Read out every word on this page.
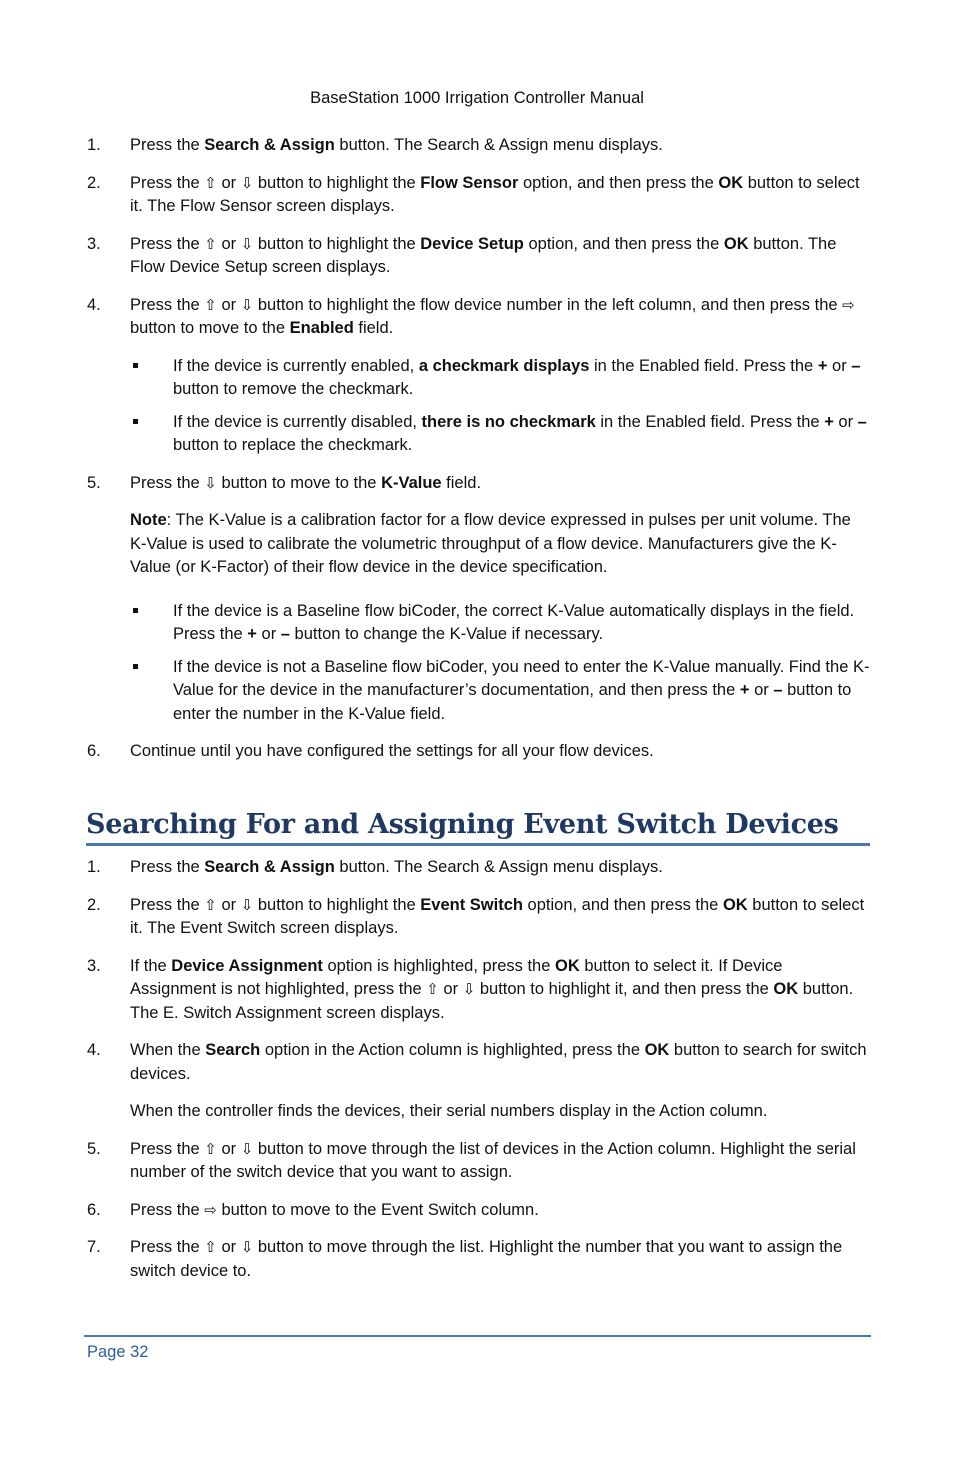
BaseStation 1000 Irrigation Controller Manual
1. Press the Search & Assign button. The Search & Assign menu displays.
2. Press the ⇧ or ⇩ button to highlight the Flow Sensor option, and then press the OK button to select it. The Flow Sensor screen displays.
3. Press the ⇧ or ⇩ button to highlight the Device Setup option, and then press the OK button. The Flow Device Setup screen displays.
4. Press the ⇧ or ⇩ button to highlight the flow device number in the left column, and then press the ⇨ button to move to the Enabled field.
If the device is currently enabled, a checkmark displays in the Enabled field. Press the + or – button to remove the checkmark.
If the device is currently disabled, there is no checkmark in the Enabled field. Press the + or – button to replace the checkmark.
5. Press the ⇩ button to move to the K-Value field.
Note: The K-Value is a calibration factor for a flow device expressed in pulses per unit volume. The K-Value is used to calibrate the volumetric throughput of a flow device. Manufacturers give the K-Value (or K-Factor) of their flow device in the device specification.
If the device is a Baseline flow biCoder, the correct K-Value automatically displays in the field. Press the + or – button to change the K-Value if necessary.
If the device is not a Baseline flow biCoder, you need to enter the K-Value manually. Find the K-Value for the device in the manufacturer’s documentation, and then press the + or – button to enter the number in the K-Value field.
6. Continue until you have configured the settings for all your flow devices.
Searching For and Assigning Event Switch Devices
1. Press the Search & Assign button. The Search & Assign menu displays.
2. Press the ⇧ or ⇩ button to highlight the Event Switch option, and then press the OK button to select it. The Event Switch screen displays.
3. If the Device Assignment option is highlighted, press the OK button to select it. If Device Assignment is not highlighted, press the ⇧ or ⇩ button to highlight it, and then press the OK button. The E. Switch Assignment screen displays.
4. When the Search option in the Action column is highlighted, press the OK button to search for switch devices.
When the controller finds the devices, their serial numbers display in the Action column.
5. Press the ⇧ or ⇩ button to move through the list of devices in the Action column. Highlight the serial number of the switch device that you want to assign.
6. Press the ⇨ button to move to the Event Switch column.
7. Press the ⇧ or ⇩ button to move through the list. Highlight the number that you want to assign the switch device to.
Page 32
